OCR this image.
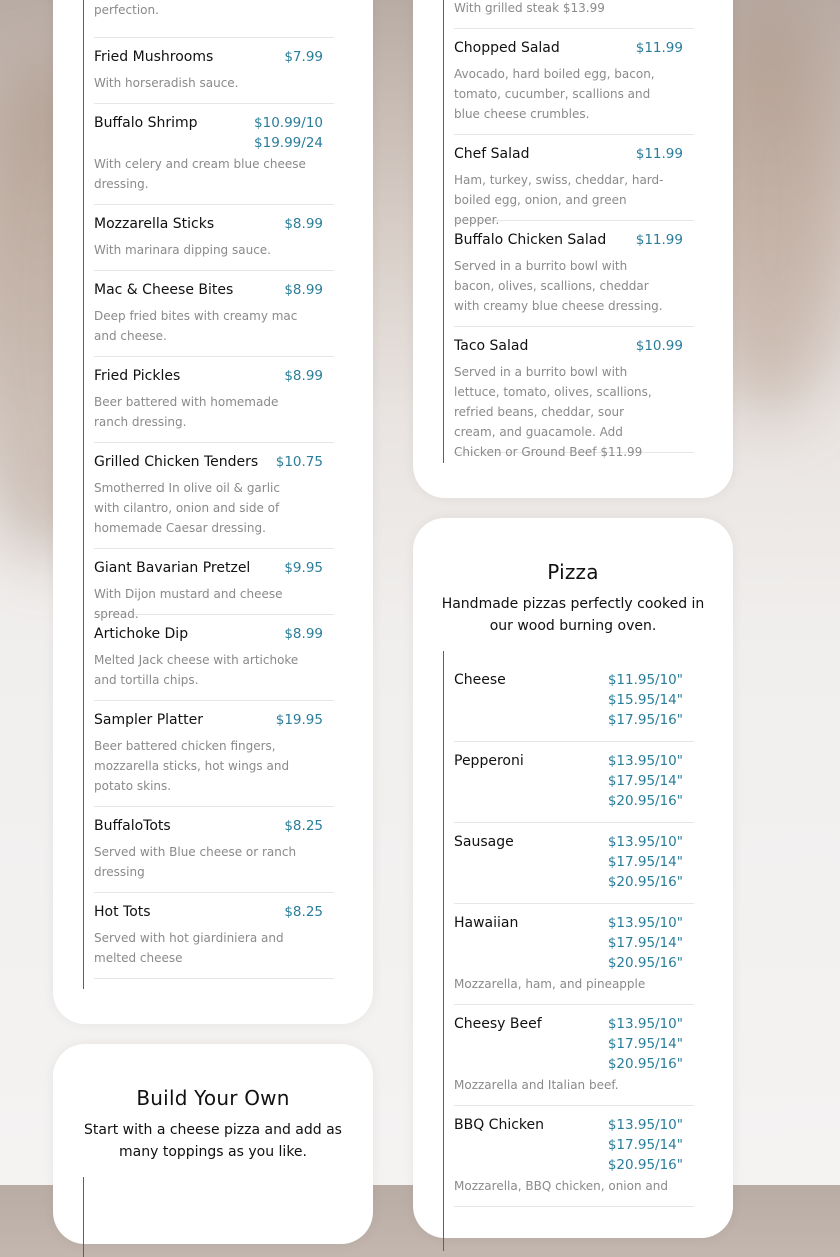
perfection.
Fried Mushrooms	$7.99
With horseradish sauce.
Buffalo Shrimp	$10.99/10
$19.99/24
With celery and cream blue cheese dressing.
Mozzarella Sticks	$8.99
With marinara dipping sauce.
Mac & Cheese Bites	$8.99
Deep fried bites with creamy mac and cheese.
Fried Pickles	$8.99
Beer battered with homemade ranch dressing.
Grilled Chicken Tenders $10.75
Smotherred In olive oil & garlic with cilantro, onion and side of homemade Caesar dressing.
Giant Bavarian Pretzel	$9.95
With Dijon mustard and cheese spread.
Artichoke Dip	$8.99
Melted Jack cheese with artichoke and tortilla chips.
Sampler Platter	$19.95
Beer battered chicken fingers, mozzarella sticks, hot wings and potato skins.
BuffaloTots	$8.25
Served with Blue cheese or ranch dressing
Hot Tots	$8.25
Served with hot giardiniera and melted cheese
Build Your Own
Start with a cheese pizza and add as many toppings as you like.
With grilled steak $13.99
Chopped Salad	$11.99
Avocado, hard boiled egg, bacon, tomato, cucumber, scallions and blue cheese crumbles.
Chef Salad	$11.99
Ham, turkey, swiss, cheddar, hard-boiled egg, onion, and green pepper.
Buffalo Chicken Salad $11.99
Served in a burrito bowl with bacon, olives, scallions, cheddar with creamy blue cheese dressing.
Taco Salad	$10.99
Served in a burrito bowl with lettuce, tomato, olives, scallions, refried beans, cheddar, sour cream, and guacamole. Add Chicken or Ground Beef $11.99
Pizza
Handmade pizzas perfectly cooked in our wood burning oven.
Cheese	$11.95/10"
$15.95/14"
$17.95/16"
Pepperoni	$13.95/10"
$17.95/14"
$20.95/16"
Sausage	$13.95/10"
$17.95/14"
$20.95/16"
Hawaiian	$13.95/10"
$17.95/14"
$20.95/16"
Mozzarella, ham, and pineapple
Cheesy Beef	$13.95/10"
$17.95/14"
$20.95/16"
Mozzarella and Italian beef.
BBQ Chicken	$13.95/10"
$17.95/14"
$20.95/16"
Mozzarella, BBQ chicken, onion and
